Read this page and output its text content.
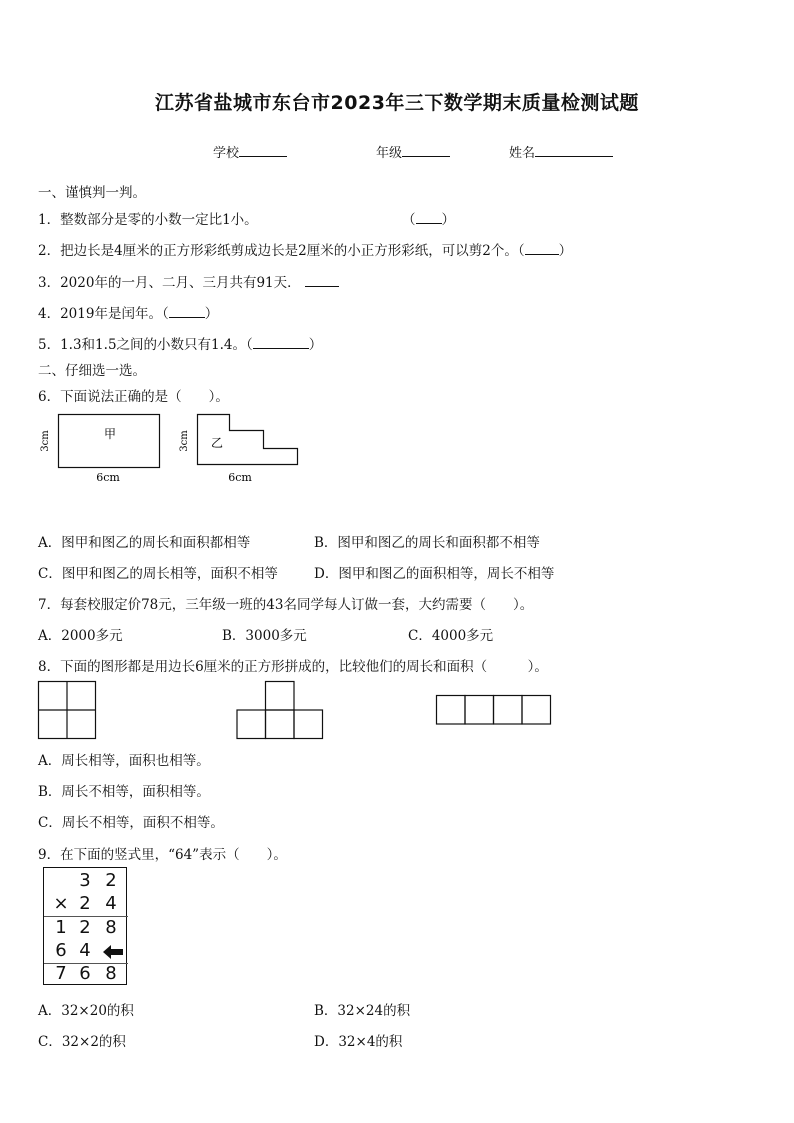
江苏省盐城市东台市2023年三下数学期末质量检测试题
学校	年级	姓名
一、谨慎判一判。
1．整数部分是零的小数一定比1小。	（ ）
2．把边长是4厘米的正方形彩纸剪成边长是2厘米的小正方形彩纸，可以剪2个。（	）
3．2020年的一月、二月、三月共有91天．
4．2019年是闰年。（	）
5．1.3和1.5之间的小数只有1.4。（	）
二、仔细选一选。
6．下面说法正确的是（　　）。
甲
3cm
6cm
乙
3cm
6cm
A．图甲和图乙的周长和面积都相等	B．图甲和图乙的周长和面积都不相等
C．图甲和图乙的周长相等，面积不相等	D．图甲和图乙的面积相等，周长不相等
7．每套校服定价78元，三年级一班的43名同学每人订做一套，大约需要（　　）。
A．2000多元	B．3000多元	C．4000多元
8．下面的图形都是用边长6厘米的正方形拼成的，比较他们的周长和面积（　　　）。
A．周长相等，面积也相等。
B．周长不相等，面积相等。
C．周长不相等，面积不相等。
9．在下面的竖式里，“64”表示（　　）。
3 2
× 2 4
1 2 8
6 4
7 6 8
A．32×20的积	B．32×24的积
C．32×2的积	D．32×4的积
